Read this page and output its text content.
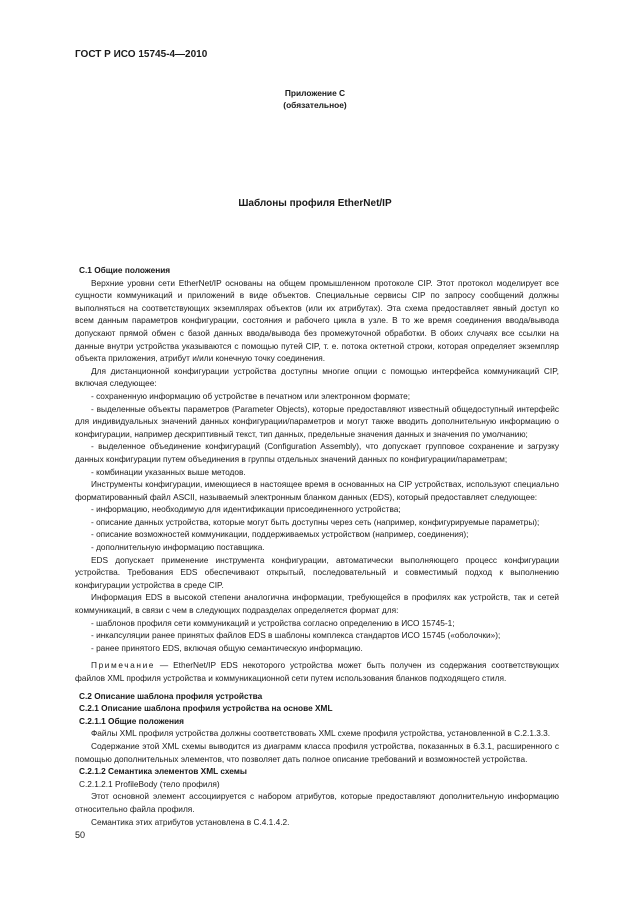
ГОСТ Р ИСО 15745-4—2010
Приложение С
(обязательное)
Шаблоны профиля EtherNet/IP

С.1 Общие положения

Верхние уровни сети EtherNet/IP основаны на общем промышленном протоколе CIP. Этот протокол моделирует все сущности коммуникаций и приложений в виде объектов. Специальные сервисы CIP по запросу сообщений должны выполняться на соответствующих экземплярах объектов (или их атрибутах). Эта схема предоставляет явный доступ ко всем данным параметров конфигурации, состояния и рабочего цикла в узле. В то же время соединения ввода/вывода допускают прямой обмен с базой данных ввода/вывода без промежуточной обработки. В обоих случаях все ссылки на данные внутри устройства указываются с помощью путей CIP, т. е. потока октетной строки, которая определяет экземпляр объекта приложения, атрибут и/или конечную точку соединения.

Для дистанционной конфигурации устройства доступны многие опции с помощью интерфейса коммуникаций CIP, включая следующее:

- сохраненную информацию об устройстве в печатном или электронном формате;

- выделенные объекты параметров (Parameter Objects), которые предоставляют известный общедоступный интерфейс для индивидуальных значений данных конфигурации/параметров и могут также вводить дополнительную информацию о конфигурации, например дескриптивный текст, тип данных, предельные значения данных и значения по умолчанию;

- выделенное объединение конфигураций (Configuration Assembly), что допускает групповое сохранение и загрузку данных конфигурации путем объединения в группы отдельных значений данных по конфигурации/параметрам;

- комбинации указанных выше методов.

Инструменты конфигурации, имеющиеся в настоящее время в основанных на CIP устройствах, используют специально форматированный файл ASCII, называемый электронным бланком данных (EDS), который предоставляет следующее:

- информацию, необходимую для идентификации присоединенного устройства;

- описание данных устройства, которые могут быть доступны через сеть (например, конфигурируемые параметры);

- описание возможностей коммуникации, поддерживаемых устройством (например, соединения);

- дополнительную информацию поставщика.

EDS допускает применение инструмента конфигурации, автоматически выполняющего процесс конфигурации устройства. Требования EDS обеспечивают открытый, последовательный и совместимый подход к выполнению конфигурации устройства в среде CIP.

Информация EDS в высокой степени аналогична информации, требующейся в профилях как устройств, так и сетей коммуникаций, в связи с чем в следующих подразделах определяется формат для:

- шаблонов профиля сети коммуникаций и устройства согласно определению в ИСО 15745-1;

- инкапсуляции ранее принятых файлов EDS в шаблоны комплекса стандартов ИСО 15745 («оболочки»);

- ранее принятого EDS, включая общую семантическую информацию.

Примечание — EtherNet/IP EDS некоторого устройства может быть получен из содержания соответствующих файлов XML профиля устройства и коммуникационной сети путем использования бланков подходящего стиля.

С.2 Описание шаблона профиля устройства

С.2.1 Описание шаблона профиля устройства на основе XML

С.2.1.1 Общие положения

Файлы XML профиля устройства должны соответствовать XML схеме профиля устройства, установленной в С.2.1.3.3.

Содержание этой XML схемы выводится из диаграмм класса профиля устройства, показанных в 6.3.1, расширенного с помощью дополнительных элементов, что позволяет дать полное описание требований и возможностей устройства.

С.2.1.2 Семантика элементов XML схемы

С.2.1.2.1 ProfileBody (тело профиля)

Этот основной элемент ассоциируется с набором атрибутов, которые предоставляют дополнительную информацию относительно файла профиля.

Семантика этих атрибутов установлена в С.4.1.4.2.

50
